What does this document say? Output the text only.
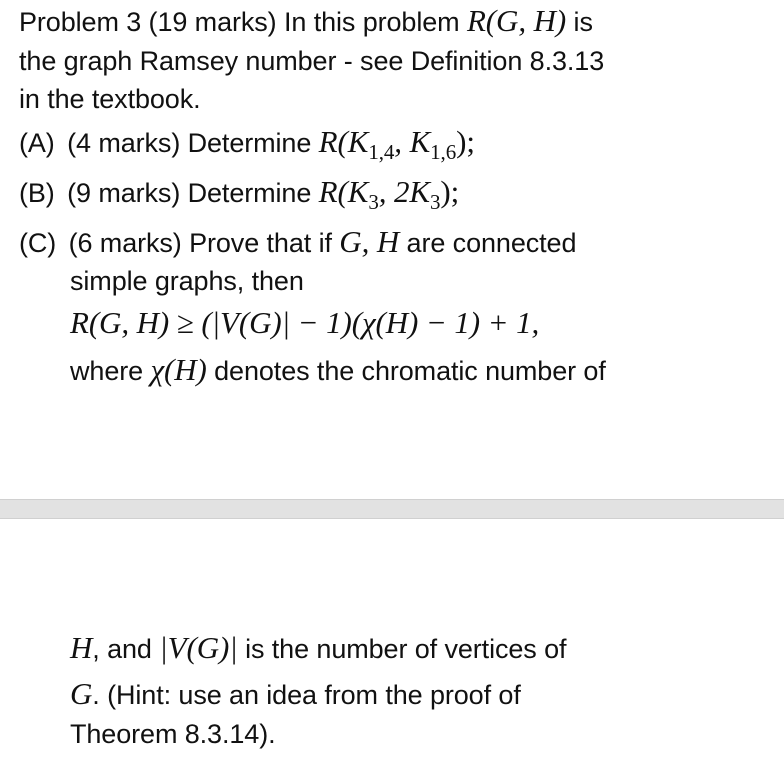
Problem 3 (19 marks) In this problem R(G, H) is
the graph Ramsey number - see Definition 8.3.13
in the textbook.
(A) (4 marks) Determine $R(K_{1,4}$, $K_{1,6}$);
(B) (9 marks) Determine $R(K_3$, $2K_3$);
(C) (6 marks) Prove that if G, H are connected
simple graphs, then
R(G, H) ≥ (|V(G)| − 1)(χ(H) − 1) + 1,
where χ(H) denotes the chromatic number of
H, and |V(G)| is the number of vertices of
G. (Hint: use an idea from the proof of
Theorem 8.3.14).
